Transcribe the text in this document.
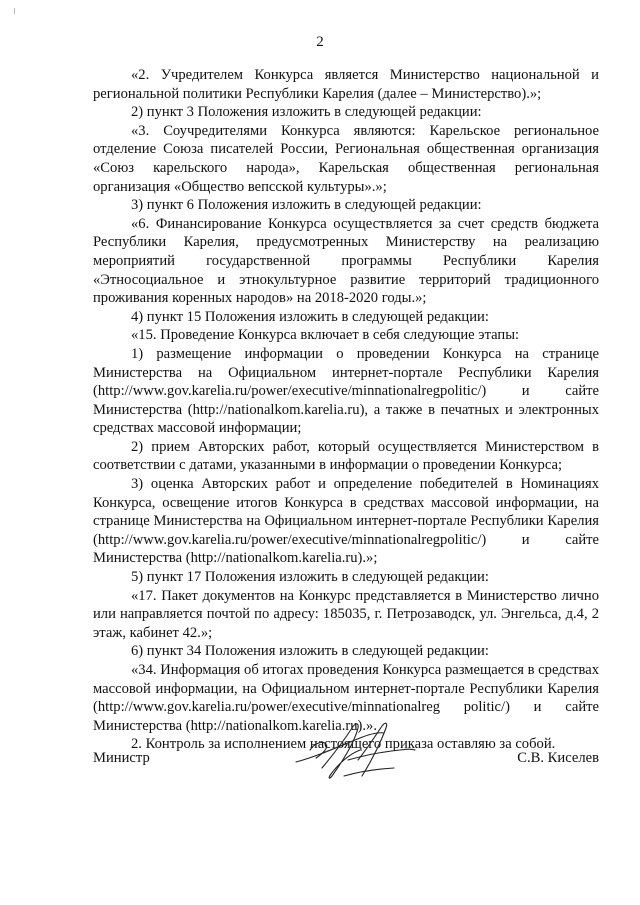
2

«2. Учредителем Конкурса является Министерство национальной и региональной политики Республики Карелия (далее – Министерство).»;

2) пункт 3 Положения изложить в следующей редакции:

«3. Соучредителями Конкурса являются: Карельское региональное отделение Союза писателей России, Региональная общественная организация «Союз карельского народа», Карельская общественная региональная организация «Общество вепсской культуры».»;

3) пункт 6 Положения изложить в следующей редакции:

«6. Финансирование Конкурса осуществляется за счет средств бюджета Республики Карелия, предусмотренных Министерству на реализацию мероприятий государственной программы Республики Карелия «Этносоциальное и этнокультурное развитие территорий традиционного проживания коренных народов» на 2018-2020 годы.»;

4) пункт 15 Положения изложить в следующей редакции:

«15. Проведение Конкурса включает в себя следующие этапы:

1) размещение информации о проведении Конкурса на странице Министерства на Официальном интернет-портале Республики Карелия (http://www.gov.karelia.ru/power/executive/minnationalregpolitic/) и сайте Министерства (http://nationalkom.karelia.ru), а также в печатных и электронных средствах массовой информации;

2) прием Авторских работ, который осуществляется Министерством в соответствии с датами, указанными в информации о проведении Конкурса;

3) оценка Авторских работ и определение победителей в Номинациях Конкурса, освещение итогов Конкурса в средствах массовой информации, на странице Министерства на Официальном интернет-портале Республики Карелия (http://www.gov.karelia.ru/power/executive/minnationalregpolitic/) и сайте Министерства (http://nationalkom.karelia.ru).»;

5) пункт 17 Положения изложить в следующей редакции:

«17. Пакет документов на Конкурс представляется в Министерство лично или направляется почтой по адресу: 185035, г. Петрозаводск, ул. Энгельса, д.4, 2 этаж, кабинет 42.»;

6) пункт 34 Положения изложить в следующей редакции:

«34. Информация об итогах проведения Конкурса размещается в средствах массовой информации, на Официальном интернет-портале Республики Карелия (http://www.gov.karelia.ru/power/executive/minnationalreg politic/) и сайте Министерства (http://nationalkom.karelia.ru).».

2. Контроль за исполнением настоящего приказа оставляю за собой.

Министр	С.В. Киселев
